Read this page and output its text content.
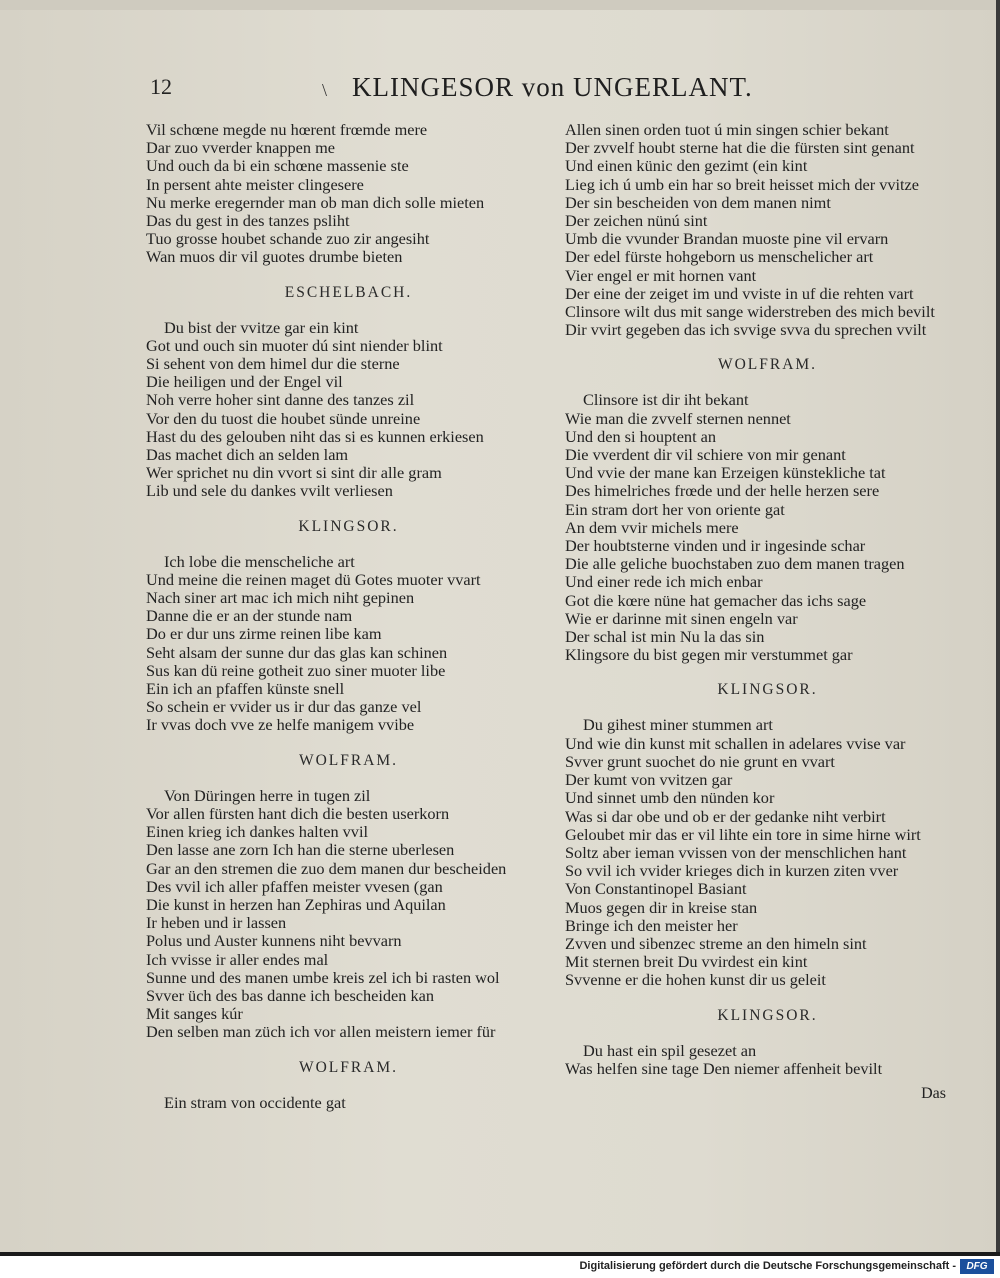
12	\ KLINGESOR von UNGERLANT.
Vil schœne megde nu hœrent frœmde mere
Dar zuo vverder knappen me
Und ouch da bi ein schœne massenie ste
In persent ahte meister clingesere
Nu merke eregernder man ob man dich solle mieten
Das du gest in des tanzes psliht
Tuo grosse houbet schande zuo zir angesiht
Wan muos dir vil guotes drumbe bieten
ESCHELBACH.
Du bist der vvitze gar ein kint
Got und ouch sin muoter dú sint niender blint
Si sehent von dem himel dur die sterne
Die heiligen und der Engel vil
Noh verre hoher sint danne des tanzes zil
Vor den du tuost die houbet sünde unreine
Hast du des gelouben niht das si es kunnen erkiesen
Das machet dich an selden lam
Wer sprichet nu din vvort si sint dir alle gram
Lib und sele du dankes vvilt verliesen
KLINGSOR.
Ich lobe die menscheliche art
Und meine die reinen maget dü Gotes muoter vvart
Nach siner art mac ich mich niht gepinen
Danne die er an der stunde nam
Do er dur uns zirme reinen libe kam
Seht alsam der sunne dur das glas kan schinen
Sus kan dü reine gotheit zuo siner muoter libe
Ein ich an pfaffen künste snell
So schein er vvider us ir dur das ganze vel
Ir vvas doch vve ze helfe manigem vvibe
WOLFRAM.
Von Düringen herre in tugen zil
Vor allen fürsten hant dich die besten userkorn
Einen krieg ich dankes halten vvil
Den lasse ane zorn Ich han die sterne uberlesen
Gar an den stremen die zuo dem manen dur bescheiden
Des vvil ich aller pfaffen meister vvesen (gan
Die kunst in herzen han Zephiras und Aquilan
Ir heben und ir lassen
Polus und Auster kunnens niht bevvarn
Ich vvisse ir aller endes mal
Sunne und des manen umbe kreis zel ich bi rasten wol
Svver üch des bas danne ich bescheiden kan
Mit sanges kúr
Den selben man züch ich vor allen meistern iemer für
WOLFRAM.
Ein stram von occidente gat
Allen sinen orden tuot ú min singen schier bekant
Der zvvelf houbt sterne hat die die fürsten sint genant
Und einen künic den gezimt (ein kint
Lieg ich ú umb ein har so breit heisset mich der vvitze
Der sin bescheiden von dem manen nimt
Der zeichen nünú sint
Umb die vvunder Brandan muoste pine vil ervarn
Der edel fürste hohgeborn us menschelicher art
Vier engel er mit hornen vant
Der eine der zeiget im und vviste in uf die rehten vart
Clinsore wilt dus mit sange widerstreben des mich bevilt
Dir vvirt gegeben das ich svvige svva du sprechen vvilt
WOLFRAM.
Clinsore ist dir iht bekant
Wie man die zvvelf sternen nennet
Und den si houptent an
Die vverdent dir vil schiere von mir genant
Und vvie der mane kan Erzeigen künstekliche tat
Des himelriches frœde und der helle herzen sere
Ein stram dort her von oriente gat
An dem vvir michels mere
Der houbtsterne vinden und ir ingesinde schar
Die alle geliche buochstaben zuo dem manen tragen
Und einer rede ich mich enbar
Got die kœre nüne hat gemacher das ichs sage
Wie er darinne mit sinen engeln var
Der schal ist min Nu la das sin
Klingsore du bist gegen mir verstummet gar
KLINGSOR.
Du gihest miner stummen art
Und wie din kunst mit schallen in adelares vvise var
Svver grunt suochet do nie grunt en vvart
Der kumt von vvitzen gar
Und sinnet umb den nünden kor
Was si dar obe und ob er der gedanke niht verbirt
Geloubet mir das er vil lihte ein tore in sime hirne wirt
Soltz aber ieman vvissen von der menschlichen hant
So vvil ich vvider krieges dich in kurzen ziten vver
Von Constantinopel Basiant
Muos gegen dir in kreise stan
Bringe ich den meister her
Zvven und sibenzec streme an den himeln sint
Mit sternen breit Du vvirdest ein kint
Svvenne er die hohen kunst dir us geleit
KLINGSOR.
Du hast ein spil gesezet an
Was helfen sine tage Den niemer affenheit bevilt
Das
Digitalisierung gefördert durch die Deutsche Forschungsgemeinschaft -	DFG
